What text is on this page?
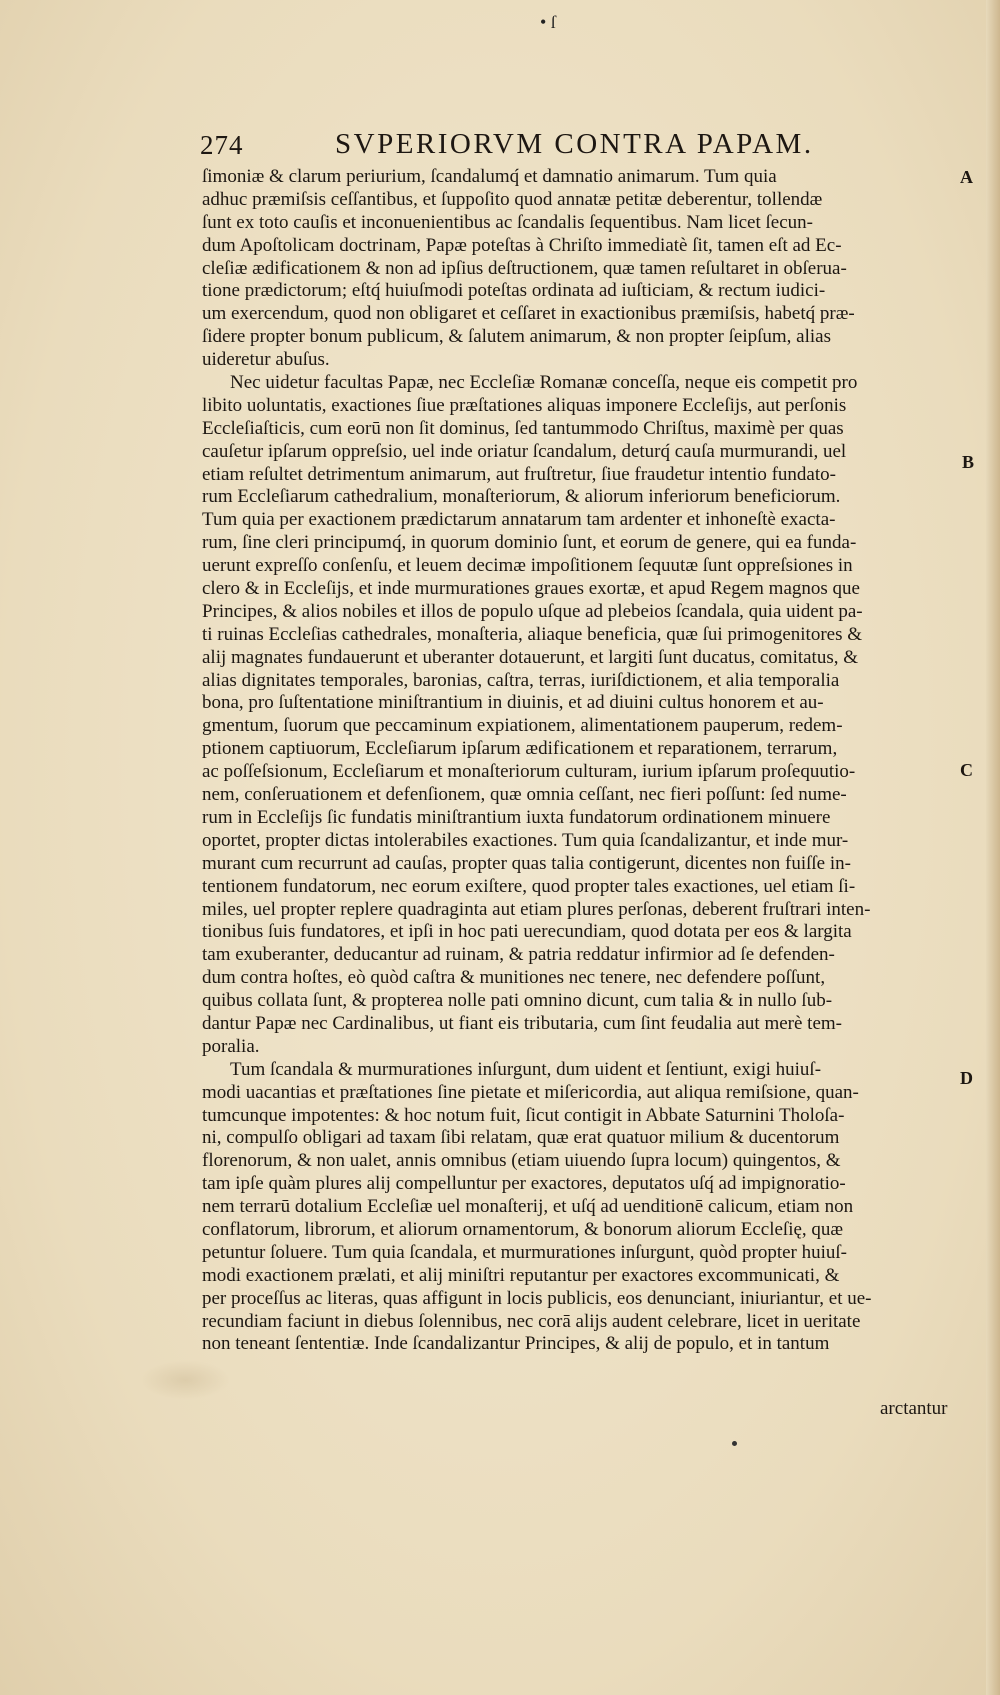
• ſ
274	SVPERIORVM CONTRA PAPAM.
ſimoniæ & clarum periurium, ſcandalumq́ et damnatio animarum. Tum quia
adhuc præmiſsis ceſſantibus, et ſuppoſito quod annatæ petitæ deberentur, tollendæ
ſunt ex toto cauſis et inconuenientibus ac ſcandalis ſequentibus. Nam licet ſecun-
dum Apoſtolicam doctrinam, Papæ poteſtas à Chriſto immediatè ſit, tamen eſt ad Ec-
cleſiæ ædificationem & non ad ipſius deſtructionem, quæ tamen reſultaret in obſerua-
tione prædictorum; eſtq́ huiuſmodi poteſtas ordinata ad iuſticiam, & rectum iudici-
um exercendum, quod non obligaret et ceſſaret in exactionibus præmiſsis, habetq́ præ-
ſidere propter bonum publicum, & ſalutem animarum, & non propter ſeipſum, alias
uideretur abuſus.
Nec uidetur facultas Papæ, nec Eccleſiæ Romanæ conceſſa, neque eis competit pro
libito uoluntatis, exactiones ſiue præſtationes aliquas imponere Eccleſijs, aut perſonis
Eccleſiaſticis, cum eorū non ſit dominus, ſed tantummodo Chriſtus, maximè per quas
cauſetur ipſarum oppreſsio, uel inde oriatur ſcandalum, deturq́ cauſa murmurandi, uel
etiam reſultet detrimentum animarum, aut fruſtretur, ſiue fraudetur intentio fundato-
rum Eccleſiarum cathedralium, monaſteriorum, & aliorum inferiorum beneficiorum.
Tum quia per exactionem prædictarum annatarum tam ardenter et inhoneſtè exacta-
rum, ſine cleri principumq́, in quorum dominio ſunt, et eorum de genere, qui ea funda-
uerunt expreſſo conſenſu, et leuem decimæ impoſitionem ſequutæ ſunt oppreſsiones in
clero & in Eccleſijs, et inde murmurationes graues exortæ, et apud Regem magnos que
Principes, & alios nobiles et illos de populo uſque ad plebeios ſcandala, quia uident pa-
ti ruinas Eccleſias cathedrales, monaſteria, aliaque beneficia, quæ ſui primogenitores &
alij magnates fundauerunt et uberanter dotauerunt, et largiti ſunt ducatus, comitatus, &
alias dignitates temporales, baronias, caſtra, terras, iuriſdictionem, et alia temporalia
bona, pro ſuſtentatione miniſtrantium in diuinis, et ad diuini cultus honorem et au-
gmentum, ſuorum que peccaminum expiationem, alimentationem pauperum, redem-
ptionem captiuorum, Eccleſiarum ipſarum ædificationem et reparationem, terrarum,
ac poſſeſsionum, Eccleſiarum et monaſteriorum culturam, iurium ipſarum proſequutio-
nem, conſeruationem et defenſionem, quæ omnia ceſſant, nec fieri poſſunt: ſed nume-
rum in Eccleſijs ſic fundatis miniſtrantium iuxta fundatorum ordinationem minuere
oportet, propter dictas intolerabiles exactiones. Tum quia ſcandalizantur, et inde mur-
murant cum recurrunt ad cauſas, propter quas talia contigerunt, dicentes non fuiſſe in-
tentionem fundatorum, nec eorum exiſtere, quod propter tales exactiones, uel etiam ſi-
miles, uel propter replere quadraginta aut etiam plures perſonas, deberent fruſtrari inten-
tionibus ſuis fundatores, et ipſi in hoc pati uerecundiam, quod dotata per eos & largita
tam exuberanter, deducantur ad ruinam, & patria reddatur infirmior ad ſe defenden-
dum contra hoſtes, eò quòd caſtra & munitiones nec tenere, nec defendere poſſunt,
quibus collata ſunt, & propterea nolle pati omnino dicunt, cum talia & in nullo ſub-
dantur Papæ nec Cardinalibus, ut fiant eis tributaria, cum ſint feudalia aut merè tem-
poralia.
Tum ſcandala & murmurationes inſurgunt, dum uident et ſentiunt, exigi huiuſ-
modi uacantias et præſtationes ſine pietate et miſericordia, aut aliqua remiſsione, quan-
tumcunque impotentes: & hoc notum fuit, ſicut contigit in Abbate Saturnini Tholoſa-
ni, compulſo obligari ad taxam ſibi relatam, quæ erat quatuor milium & ducentorum
florenorum, & non ualet, annis omnibus (etiam uiuendo ſupra locum) quingentos, &
tam ipſe quàm plures alij compelluntur per exactores, deputatos uſq́ ad impignoratio-
nem terrarū dotalium Eccleſiæ uel monaſterij, et uſq́ ad uenditionē calicum, etiam non
conflatorum, librorum, et aliorum ornamentorum, & bonorum aliorum Eccleſię, quæ
petuntur ſoluere. Tum quia ſcandala, et murmurationes inſurgunt, quòd propter huiuſ-
modi exactionem prælati, et alij miniſtri reputantur per exactores excommunicati, &
per proceſſus ac literas, quas affigunt in locis publicis, eos denunciant, iniuriantur, et ue-
recundiam faciunt in diebus ſolennibus, nec corā alijs audent celebrare, licet in ueritate
non teneant ſententiæ. Inde ſcandalizantur Principes, & alij de populo, et in tantum
A
B
C
D
arctantur
